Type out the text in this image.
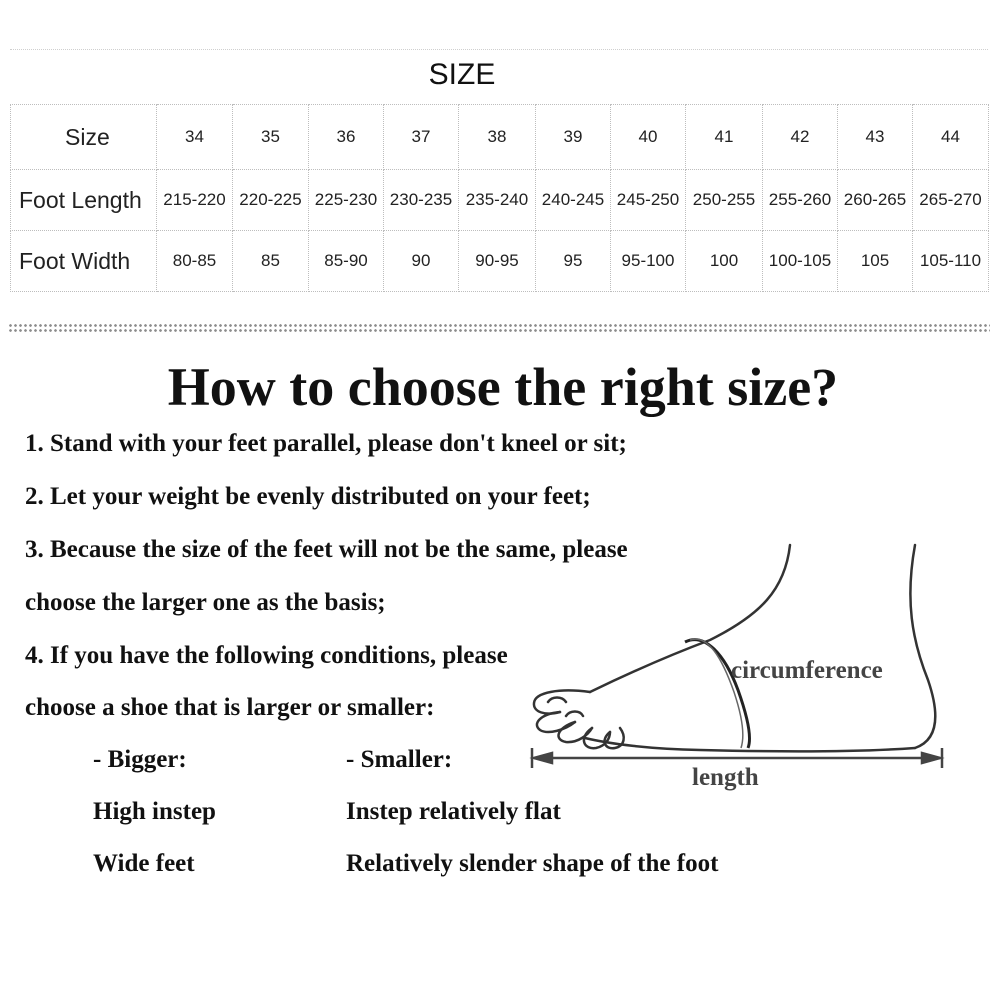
SIZE
Size	34	35	36	37	38	39	40	41	42	43	44
Foot Length	215-220	220-225	225-230	230-235	235-240	240-245	245-250	250-255	255-260	260-265	265-270
Foot Width	80-85	85	85-90	90	90-95	95	95-100	100	100-105	105	105-110
How to choose the right size?
1. Stand with your feet parallel, please don't kneel or sit;
2. Let your weight be evenly distributed on your feet;
3. Because the size of the feet will not be the same, please
choose the larger one as the basis;
4. If you have the following conditions, please
choose a shoe that is larger or smaller:
- Bigger:	- Smaller:
High instep	Instep relatively flat
Wide feet	Relatively slender shape of the foot
circumference
length
